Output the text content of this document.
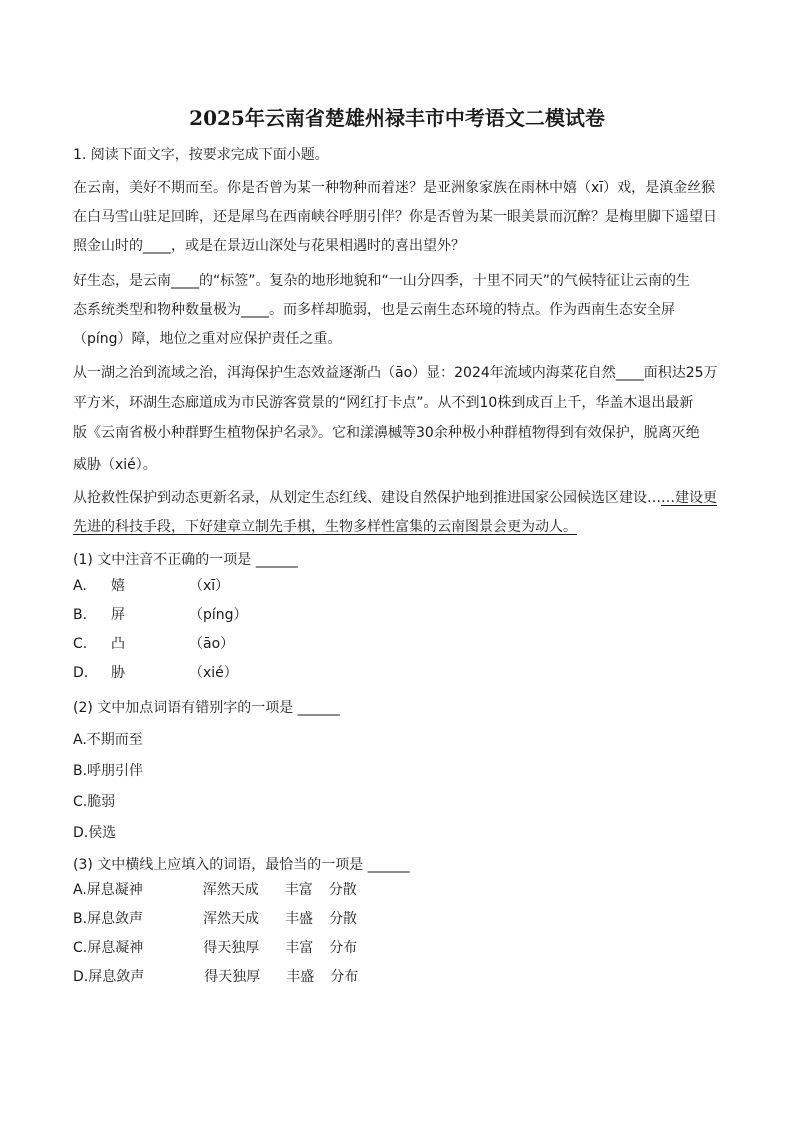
2025年云南省楚雄州禄丰市中考语文二模试卷
1. 阅读下面文字，按要求完成下面小题。
在云南，美好不期而至。你是否曾为某一种物种而着迷？是亚洲象家族在雨林中嬉（xī）戏，是滇金丝猴
在白马雪山驻足回眸，还是犀鸟在西南峡谷呼朋引伴？你是否曾为某一眼美景而沉醉？是梅里脚下遥望日
照金山时的____，或是在景迈山深处与花果相遇时的喜出望外？
好生态，是云南____的“标签”。复杂的地形地貌和“一山分四季，十里不同天”的气候特征让云南的生
态系统类型和物种数量极为____。而多样却脆弱，也是云南生态环境的特点。作为西南生态安全屏
（píng）障，地位之重对应保护责任之重。
从一湖之治到流域之治，洱海保护生态效益逐渐凸（āo）显：2024年流域内海菜花自然____面积达25万
平方米，环湖生态廊道成为市民游客赏景的“网红打卡点”。从不到10株到成百上千，华盖木退出最新
版《云南省极小种群野生植物保护名录》。它和漾濞槭等30余种极小种群植物得到有效保护，脱离灭绝
威胁（xié）。
从抢救性保护到动态更新名录，从划定生态红线、建设自然保护地到推进国家公园候选区建设……建设更
先进的科技手段，下好建章立制先手棋，生物多样性富集的云南图景会更为动人。
(1) 文中注音不正确的一项是 ______
A. 嬉	（xī）
B. 屏	（píng）
C. 凸	（āo）
D. 胁	（xié）
(2) 文中加点词语有错别字的一项是 ______
A.不期而至
B.呼朋引伴
C.脆弱
D.侯选
(3) 文中横线上应填入的词语，最恰当的一项是 ______
A.屏息凝神	浑然天成 丰富 分散
B.屏息敛声	浑然天成 丰盛 分散
C.屏息凝神	得天独厚 丰富 分布
D.屏息敛声	得天独厚 丰盛 分布
